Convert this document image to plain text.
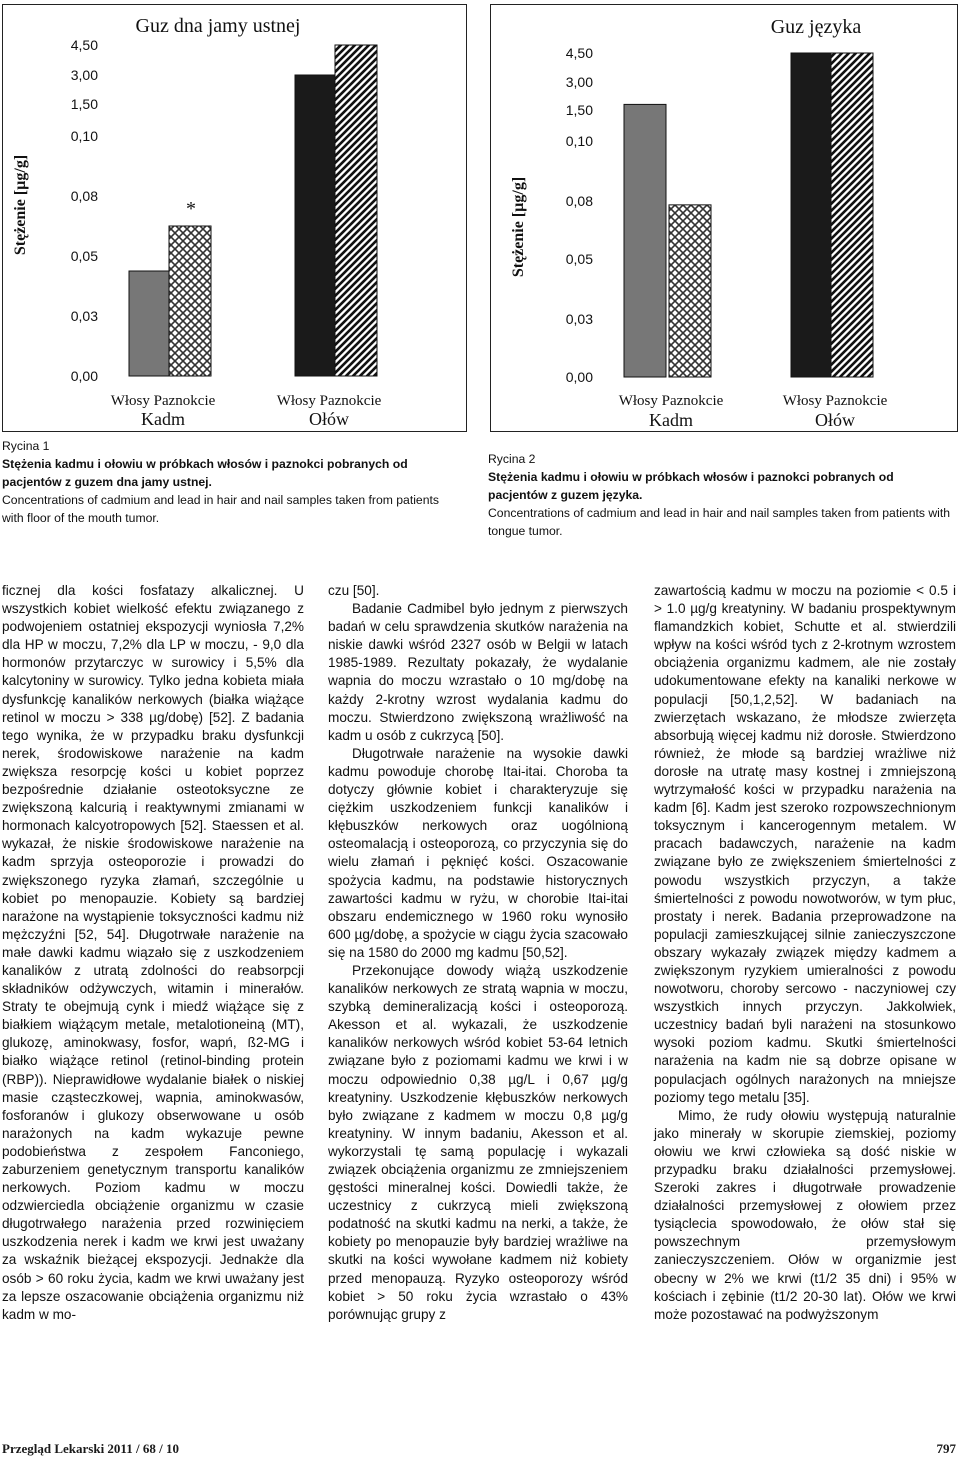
Guz dna jamy ustnej
Stężenie [µg/g]
4,50
3,00
1,50
0,10
0,08
0,05
0,03
0,00
*
Włosy Paznokcie
Kadm
Włosy Paznokcie
Ołów
Guz języka
Stężenie [µg/g]
4,50
3,00
1,50
0,10
0,08
0,05
0,03
0,00
Włosy Paznokcie
Kadm
Włosy Paznokcie
Ołów
Rycina 1
Stężenia kadmu i ołowiu w próbkach włosów i paznokci pobranych od pacjentów z guzem dna jamy ustnej.
Concentrations of cadmium and lead in hair and nail samples taken from patients with floor of the mouth tumor.
Rycina 2
Stężenia kadmu i ołowiu w próbkach włosów i paznokci pobranych od pacjentów z guzem języka.
Concentrations of cadmium and lead in hair and nail samples taken from patients with tongue tumor.

ficznej dla kości fosfatazy alkalicznej. U wszystkich kobiet wielkość efektu związanego z podwojeniem ostatniej ekspozycji wyniosła 7,2% dla HP w moczu, 7,2% dla LP w moczu, - 9,0 dla hormonów przytarczyc w surowicy i 5,5% dla kalcytoniny w surowicy. Tylko jedna kobieta miała dysfunkcję kanalików nerkowych (białka wiążące retinol w moczu > 338 µg/dobę) [52]. Z badania tego wynika, że w przypadku braku dysfunkcji nerek, środowiskowe narażenie na kadm zwiększa resorpcję kości u kobiet poprzez bezpośrednie działanie osteotoksyczne ze zwiększoną kalcurią i reaktywnymi zmianami w hormonach kalcyotropowych [52]. Staessen et al. wykazał, że niskie środowiskowe narażenie na kadm sprzyja osteoporozie i prowadzi do zwiększonego ryzyka złamań, szczególnie u kobiet po menopauzie. Kobiety są bardziej narażone na wystąpienie toksyczności kadmu niż mężczyźni [52, 54]. Długotrwałe narażenie na małe dawki kadmu wiązało się z uszkodzeniem kanalików z utratą zdolności do reabsorpcji składników odżywczych, witamin i minerałów. Straty te obejmują cynk i miedź wiążące się z białkiem wiążącym metale, metalotioneiną (MT), glukozę, aminokwasy, fosfor, wapń, ß2-MG i białko wiążące retinol (retinol-binding protein (RBP)). Nieprawidłowe wydalanie białek o niskiej masie cząsteczkowej, wapnia, aminokwasów, fosforanów i glukozy obserwowane u osób narażonych na kadm wykazuje pewne podobieństwa z zespołem Fanconiego, zaburzeniem genetycznym transportu kanalików nerkowych. Poziom kadmu w moczu odzwierciedla obciążenie organizmu w czasie długotrwałego narażenia przed rozwinięciem uszkodzenia nerek i kadm we krwi jest uważany za wskaźnik bieżącej ekspozycji. Jednakże dla osób > 60 roku życia, kadm we krwi uważany jest za lepsze oszacowanie obciążenia organizmu niż kadm w mo-

czu [50].

Badanie Cadmibel było jednym z pierwszych badań w celu sprawdzenia skutków narażenia na niskie dawki wśród 2327 osób w Belgii w latach 1985-1989. Rezultaty pokazały, że wydalanie wapnia do moczu wzrastało o 10 mg/dobę na każdy 2-krotny wzrost wydalania kadmu do moczu. Stwierdzono zwiększoną wrażliwość na kadm u osób z cukrzycą [50].

Długotrwałe narażenie na wysokie dawki kadmu powoduje chorobę Itai-itai. Choroba ta dotyczy głównie kobiet i charakteryzuje się ciężkim uszkodzeniem funkcji kanalików i kłębuszków nerkowych oraz uogólnioną osteomalacją i osteoporozą, co przyczynia się do wielu złamań i pęknięć kości. Oszacowanie spożycia kadmu, na podstawie historycznych zawartości kadmu w ryżu, w chorobie Itai-itai obszaru endemicznego w 1960 roku wynosiło 600 µg/dobę, a spożycie w ciągu życia szacowało się na 1580 do 2000 mg kadmu [50,52].

Przekonujące dowody wiążą uszkodzenie kanalików nerkowych ze stratą wapnia w moczu, szybką demineralizacją kości i osteoporozą. Akesson et al. wykazali, że uszkodzenie kanalików nerkowych wśród kobiet 53-64 letnich związane było z poziomami kadmu we krwi i w moczu odpowiednio 0,38 µg/L i 0,67 µg/g kreatyniny. Uszkodzenie kłębuszków nerkowych było związane z kadmem w moczu 0,8 µg/g kreatyniny. W innym badaniu, Akesson et al. wykorzystali tę samą populację i wykazali związek obciążenia organizmu ze zmniejszeniem gęstości mineralnej kości. Dowiedli także, że uczestnicy z cukrzycą mieli zwiększoną podatność na skutki kadmu na nerki, a także, że kobiety po menopauzie były bardziej wrażliwe na skutki na kości wywołane kadmem niż kobiety przed menopauzą. Ryzyko osteoporozy wśród kobiet > 50 roku życia wzrastało o 43% porównując grupy z

zawartością kadmu w moczu na poziomie < 0.5 i > 1.0 µg/g kreatyniny. W badaniu prospektywnym flamandzkich kobiet, Schutte et al. stwierdzili wpływ na kości wśród tych z 2-krotnym wzrostem obciążenia organizmu kadmem, ale nie zostały udokumentowane efekty na kanaliki nerkowe w populacji [50,1,2,52]. W badaniach na zwierzętach wskazano, że młodsze zwierzęta absorbują więcej kadmu niż dorosłe. Stwierdzono również, że młode są bardziej wrażliwe niż dorosłe na utratę masy kostnej i zmniejszoną wytrzymałość kości w przypadku narażenia na kadm [6]. Kadm jest szeroko rozpowszechnionym toksycznym i kancerogennym metalem. W pracach badawczych, narażenie na kadm związane było ze zwiększeniem śmiertelności z powodu wszystkich przyczyn, a także śmiertelności z powodu nowotworów, w tym płuc, prostaty i nerek. Badania przeprowadzone na populacji zamieszkującej silnie zanieczyszczone obszary wykazały związek między kadmem a zwiększonym ryzykiem umieralności z powodu nowotworu, choroby sercowo - naczyniowej czy wszystkich innych przyczyn. Jakkolwiek, uczestnicy badań byli narażeni na stosunkowo wysoki poziom kadmu. Skutki śmiertelności narażenia na kadm nie są dobrze opisane w populacjach ogólnych narażonych na mniejsze poziomy tego metalu [35].

Mimo, że rudy ołowiu występują naturalnie jako minerały w skorupie ziemskiej, poziomy ołowiu we krwi człowieka są dość niskie w przypadku braku działalności przemysłowej. Szeroki zakres i długotrwałe prowadzenie działalności przemysłowej z ołowiem przez tysiąclecia spowodowało, że ołów stał się powszechnym przemysłowym zanieczyszczeniem. Ołów w organizmie jest obecny w 2% we krwi (t1/2 35 dni) i 95% w kościach i zębinie (t1/2 20-30 lat). Ołów we krwi może pozostawać na podwyższonym

Przegląd Lekarski 2011 / 68 / 10	797
